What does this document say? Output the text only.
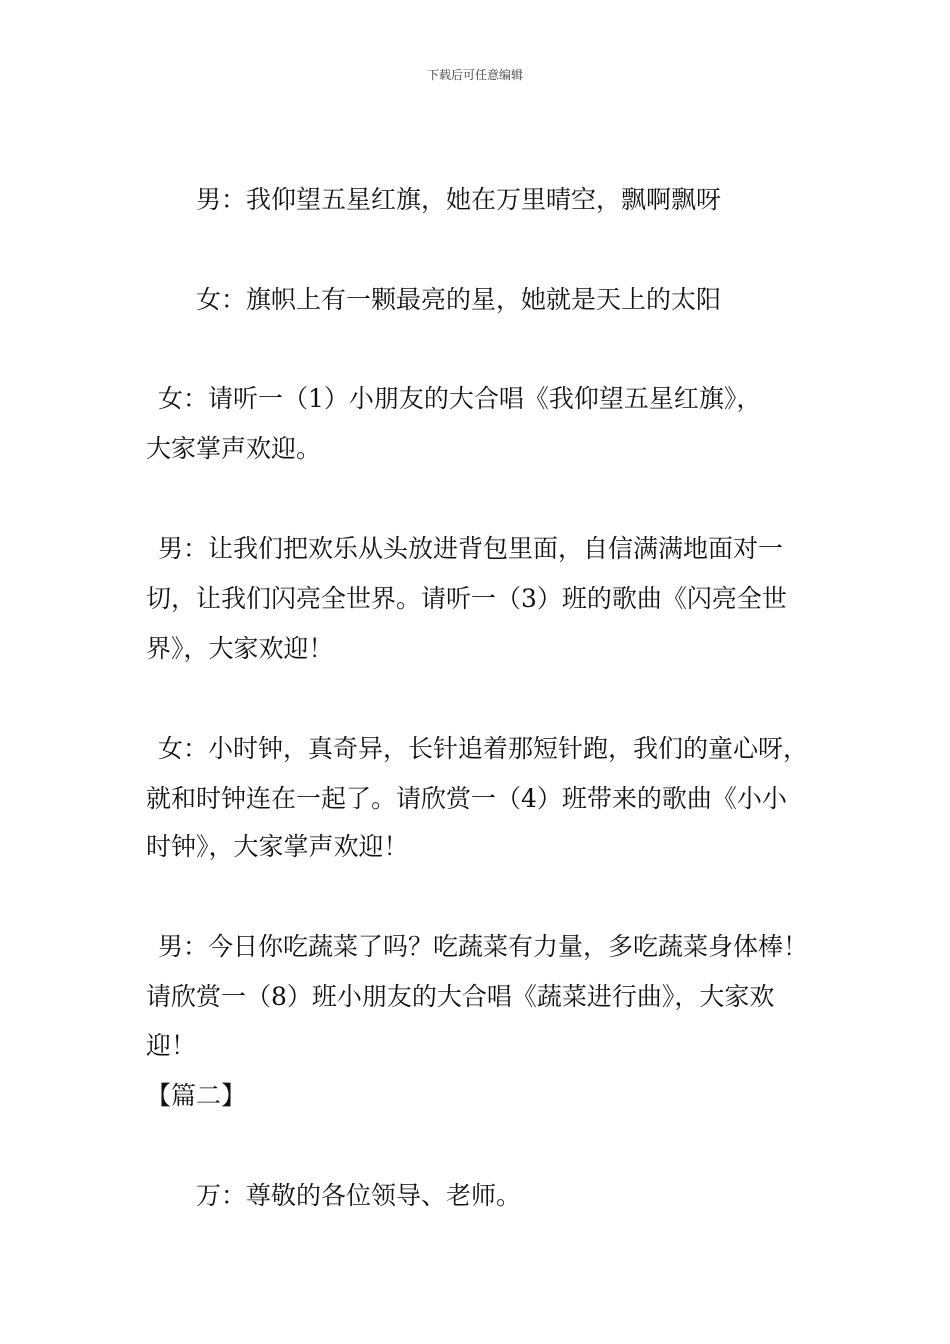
下载后可任意编辑
男：我仰望五星红旗，她在万里晴空，飘啊飘呀
女：旗帜上有一颗最亮的星，她就是天上的太阳
女：请听一（1）小朋友的大合唱《我仰望五星红旗》，
大家掌声欢迎。
男：让我们把欢乐从头放进背包里面，自信满满地面对一
切，让我们闪亮全世界。请听一（3）班的歌曲《闪亮全世
界》，大家欢迎！
女：小时钟，真奇异，长针追着那短针跑，我们的童心呀，
就和时钟连在一起了。请欣赏一（4）班带来的歌曲《小小
时钟》，大家掌声欢迎！
男：今日你吃蔬菜了吗？吃蔬菜有力量，多吃蔬菜身体棒！
请欣赏一（8）班小朋友的大合唱《蔬菜进行曲》，大家欢
迎！
【篇二】
万：尊敬的各位领导、老师。
